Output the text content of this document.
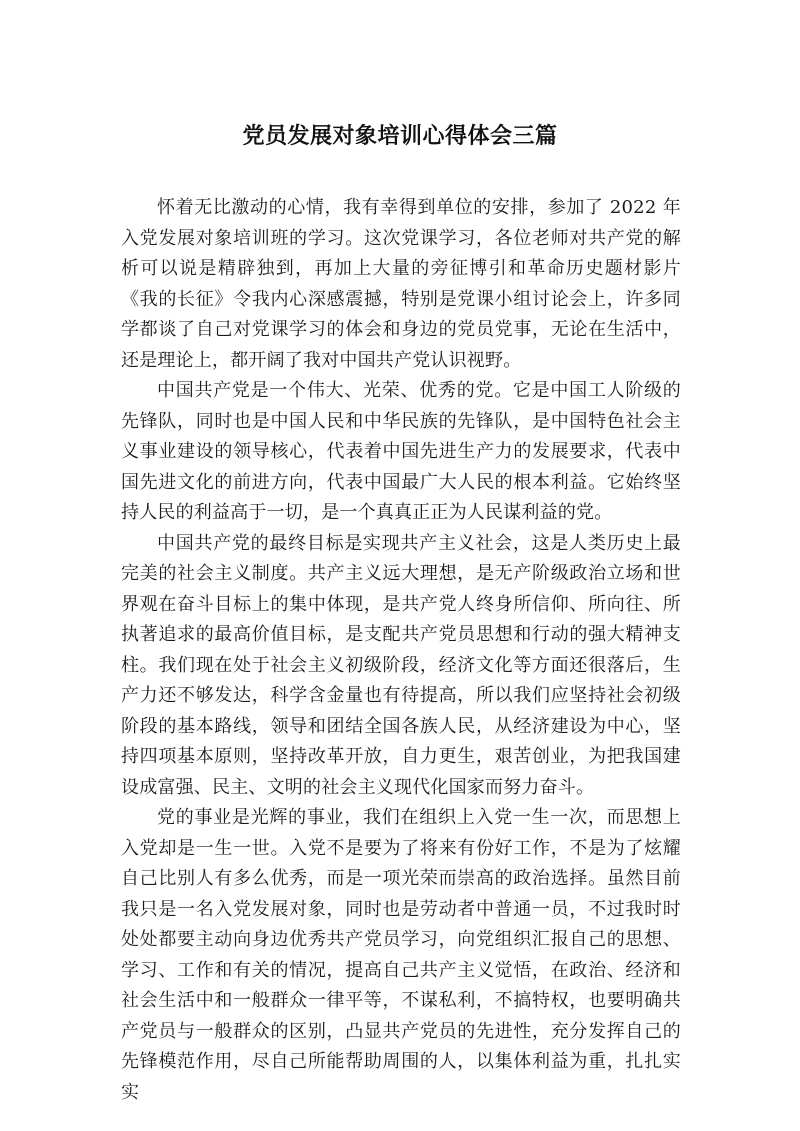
党员发展对象培训心得体会三篇

怀着无比激动的心情，我有幸得到单位的安排，参加了 2022 年入党发展对象培训班的学习。这次党课学习，各位老师对共产党的解析可以说是精辟独到，再加上大量的旁征博引和革命历史题材影片《我的长征》令我内心深感震撼，特别是党课小组讨论会上，许多同学都谈了自己对党课学习的体会和身边的党员党事，无论在生活中，还是理论上，都开阔了我对中国共产党认识视野。

中国共产党是一个伟大、光荣、优秀的党。它是中国工人阶级的先锋队，同时也是中国人民和中华民族的先锋队，是中国特色社会主义事业建设的领导核心，代表着中国先进生产力的发展要求，代表中国先进文化的前进方向，代表中国最广大人民的根本利益。它始终坚持人民的利益高于一切，是一个真真正正为人民谋利益的党。

中国共产党的最终目标是实现共产主义社会，这是人类历史上最完美的社会主义制度。共产主义远大理想，是无产阶级政治立场和世界观在奋斗目标上的集中体现，是共产党人终身所信仰、所向往、所执著追求的最高价值目标，是支配共产党员思想和行动的强大精神支柱。我们现在处于社会主义初级阶段，经济文化等方面还很落后，生产力还不够发达，科学含金量也有待提高，所以我们应坚持社会初级阶段的基本路线，领导和团结全国各族人民，从经济建设为中心，坚持四项基本原则，坚持改革开放，自力更生，艰苦创业，为把我国建设成富强、民主、文明的社会主义现代化国家而努力奋斗。

党的事业是光辉的事业，我们在组织上入党一生一次，而思想上入党却是一生一世。入党不是要为了将来有份好工作，不是为了炫耀自己比别人有多么优秀，而是一项光荣而崇高的政治选择。虽然目前我只是一名入党发展对象，同时也是劳动者中普通一员，不过我时时处处都要主动向身边优秀共产党员学习，向党组织汇报自己的思想、学习、工作和有关的情况，提高自己共产主义觉悟，在政治、经济和社会生活中和一般群众一律平等，不谋私利，不搞特权，也要明确共产党员与一般群众的区别，凸显共产党员的先进性，充分发挥自己的先锋模范作用，尽自己所能帮助周围的人，以集体利益为重，扎扎实实
